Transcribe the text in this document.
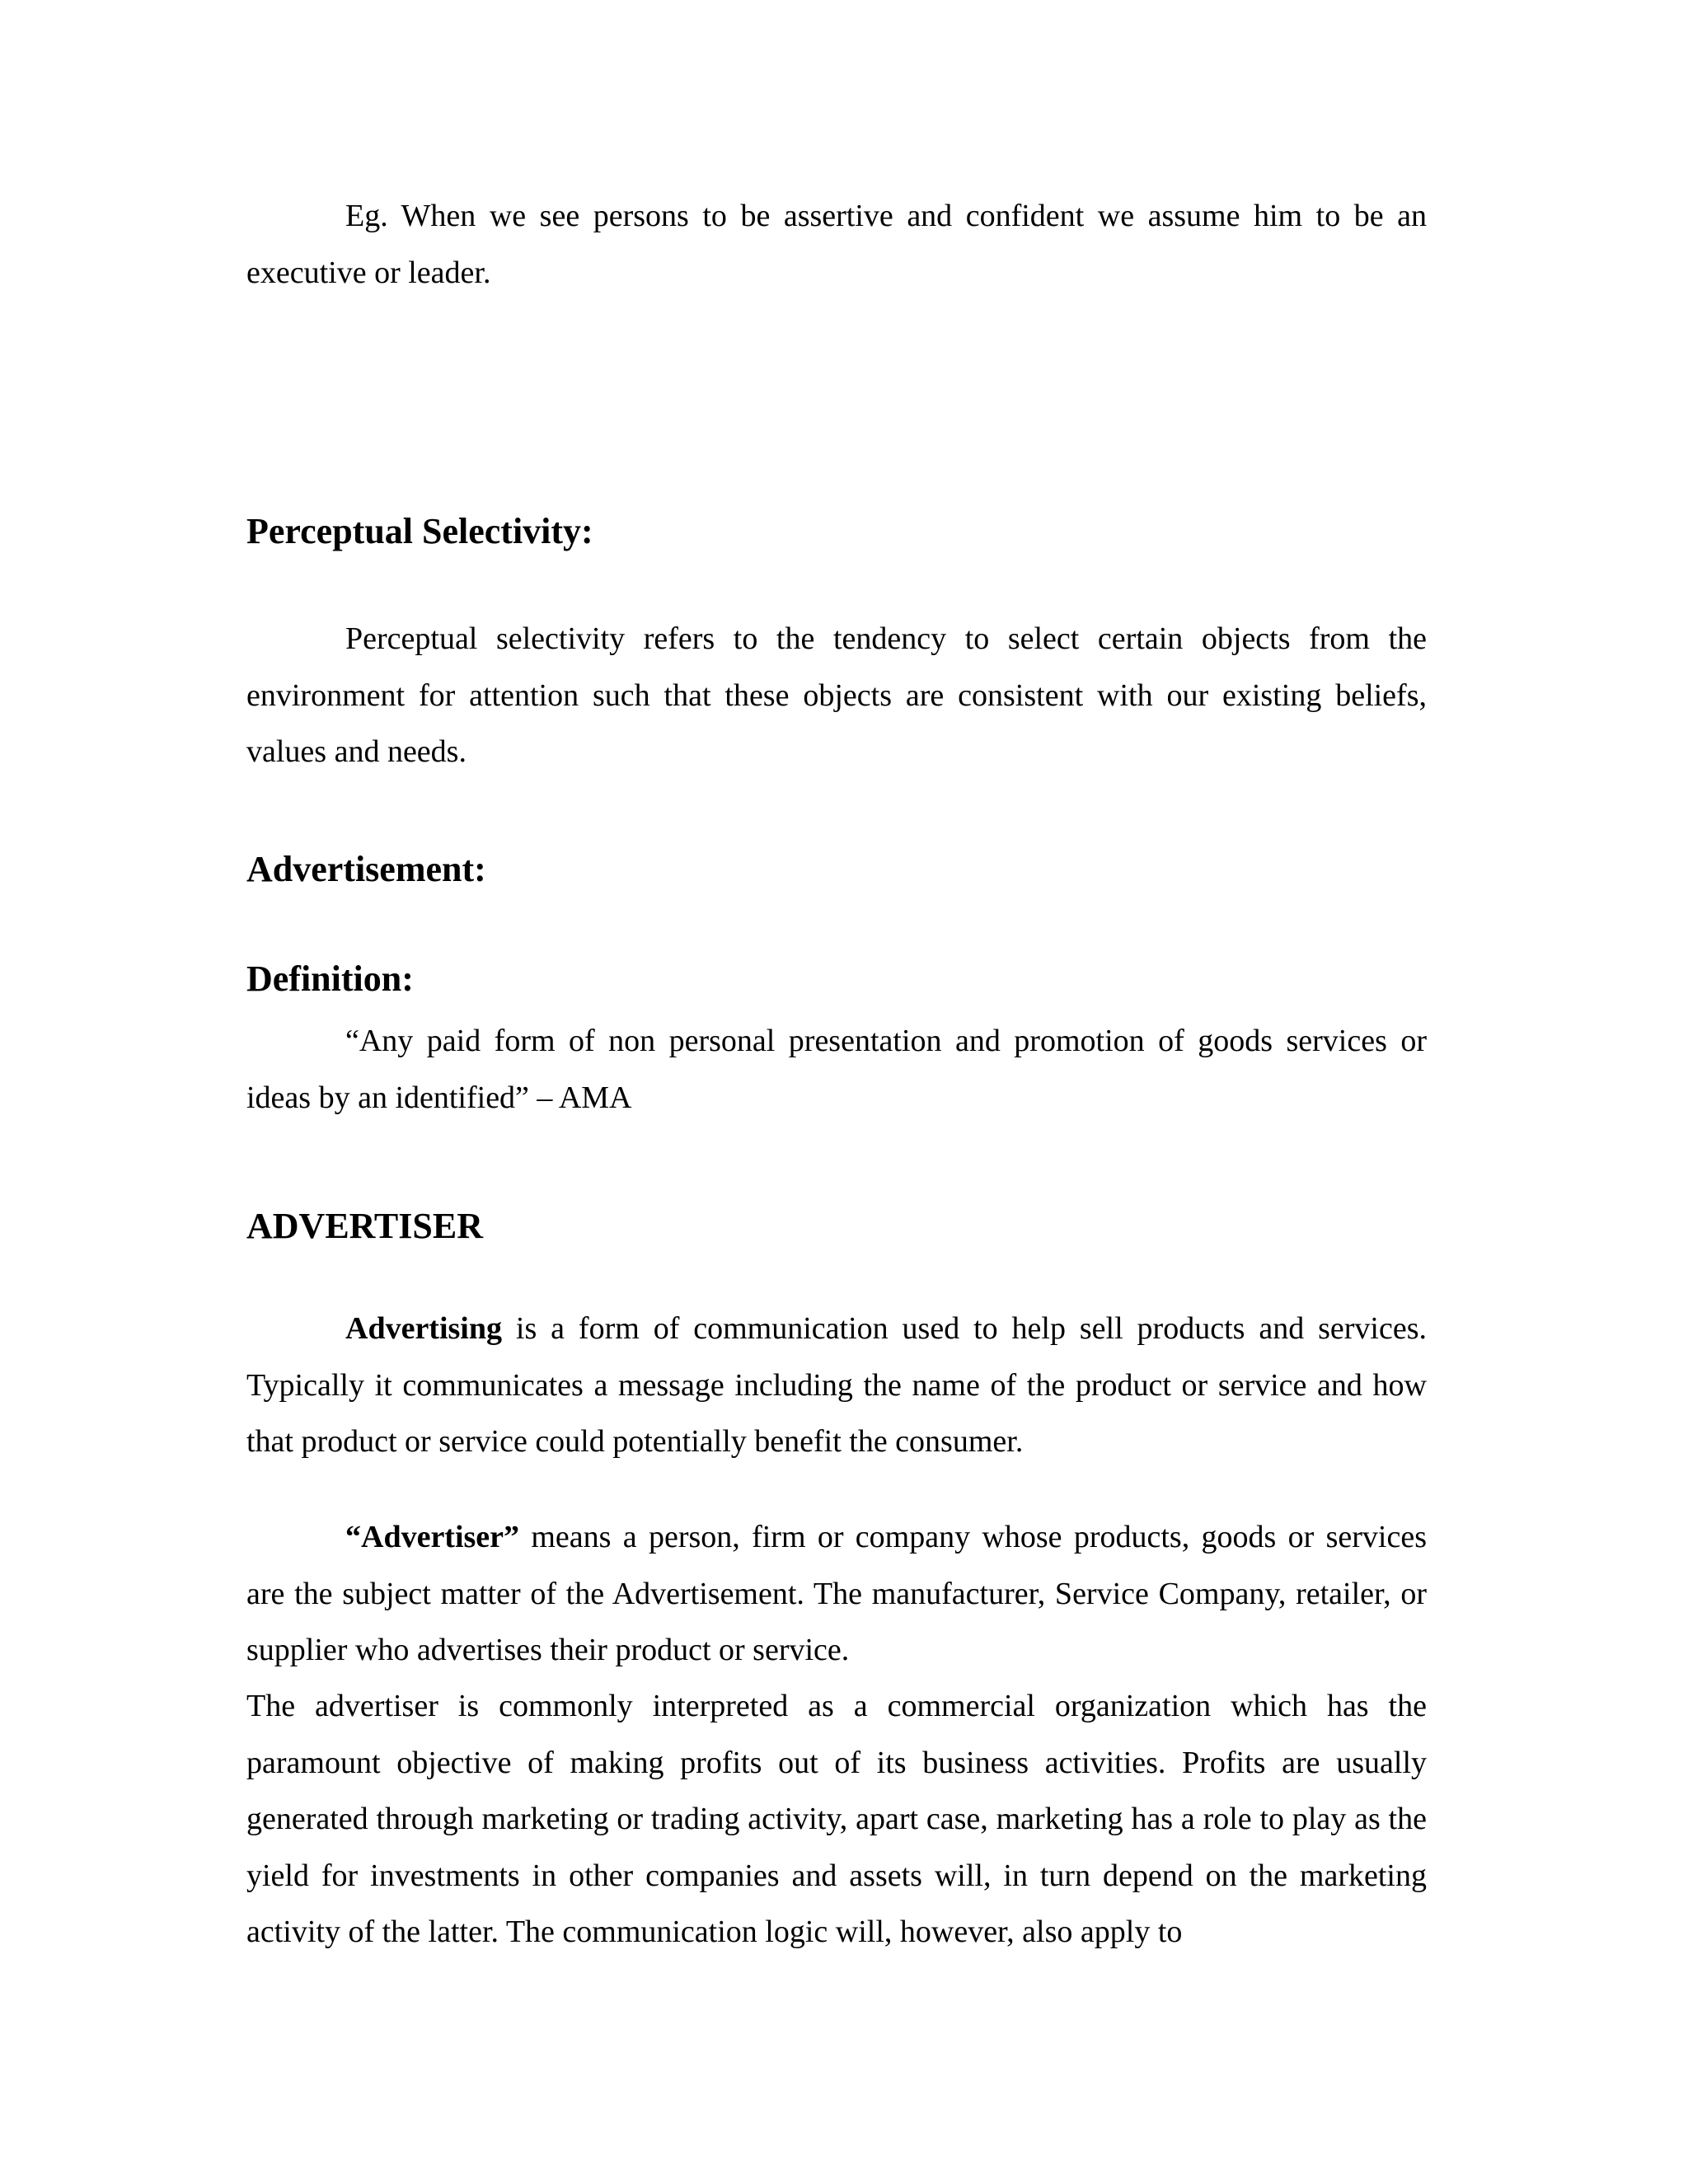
Eg. When we see persons to be assertive and confident we assume him to be an executive or leader.

Perceptual Selectivity:

Perceptual selectivity refers to the tendency to select certain objects from the environment for attention such that these objects are consistent with our existing beliefs, values and needs.

Advertisement:
Definition:

“Any paid form of non personal presentation and promotion of goods services or ideas by an identified” – AMA

ADVERTISER

Advertising is a form of communication used to help sell products and services. Typically it communicates a message including the name of the product or service and how that product or service could potentially benefit the consumer.

“Advertiser” means a person, firm or company whose products, goods or services are the subject matter of the Advertisement. The manufacturer, Service Company, retailer, or supplier who advertises their product or service.

The advertiser is commonly interpreted as a commercial organization which has the paramount objective of making profits out of its business activities. Profits are usually generated through marketing or trading activity, apart case, marketing has a role to play as the yield for investments in other companies and assets will, in turn depend on the marketing activity of the latter. The communication logic will, however, also apply to
